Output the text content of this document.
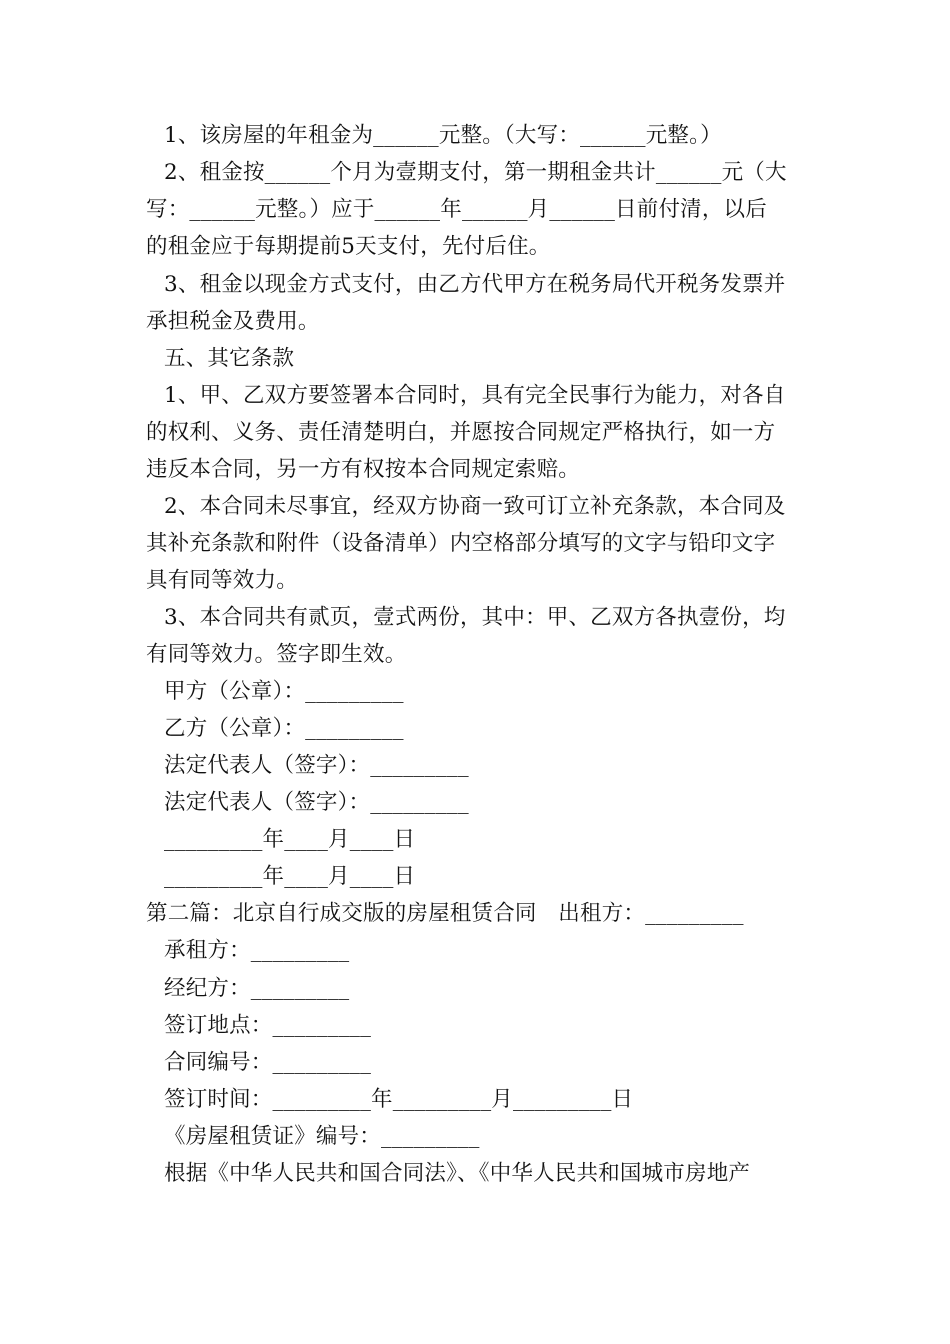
1、该房屋的年租金为______元整。（大写：______元整。）
2、租金按______个月为壹期支付，第一期租金共计______元（大
写：______元整。）应于______年______月______日前付清，以后
的租金应于每期提前5天支付，先付后住。
3、租金以现金方式支付，由乙方代甲方在税务局代开税务发票并
承担税金及费用。
五、其它条款
1、甲、乙双方要签署本合同时，具有完全民事行为能力，对各自
的权利、义务、责任清楚明白，并愿按合同规定严格执行，如一方
违反本合同，另一方有权按本合同规定索赔。
2、本合同未尽事宜，经双方协商一致可订立补充条款，本合同及
其补充条款和附件（设备清单）内空格部分填写的文字与铅印文字
具有同等效力。
3、本合同共有贰页，壹式两份，其中：甲、乙双方各执壹份，均
有同等效力。签字即生效。
甲方（公章）：_________
乙方（公章）：_________
法定代表人（签字）：_________
法定代表人（签字）：_________
_________年____月____日
_________年____月____日
第二篇：北京自行成交版的房屋租赁合同　出租方：_________
承租方：_________
经纪方：_________
签订地点：_________
合同编号：_________
签订时间：_________年_________月_________日
《房屋租赁证》编号：_________
根据《中华人民共和国合同法》、《中华人民共和国城市房地产
